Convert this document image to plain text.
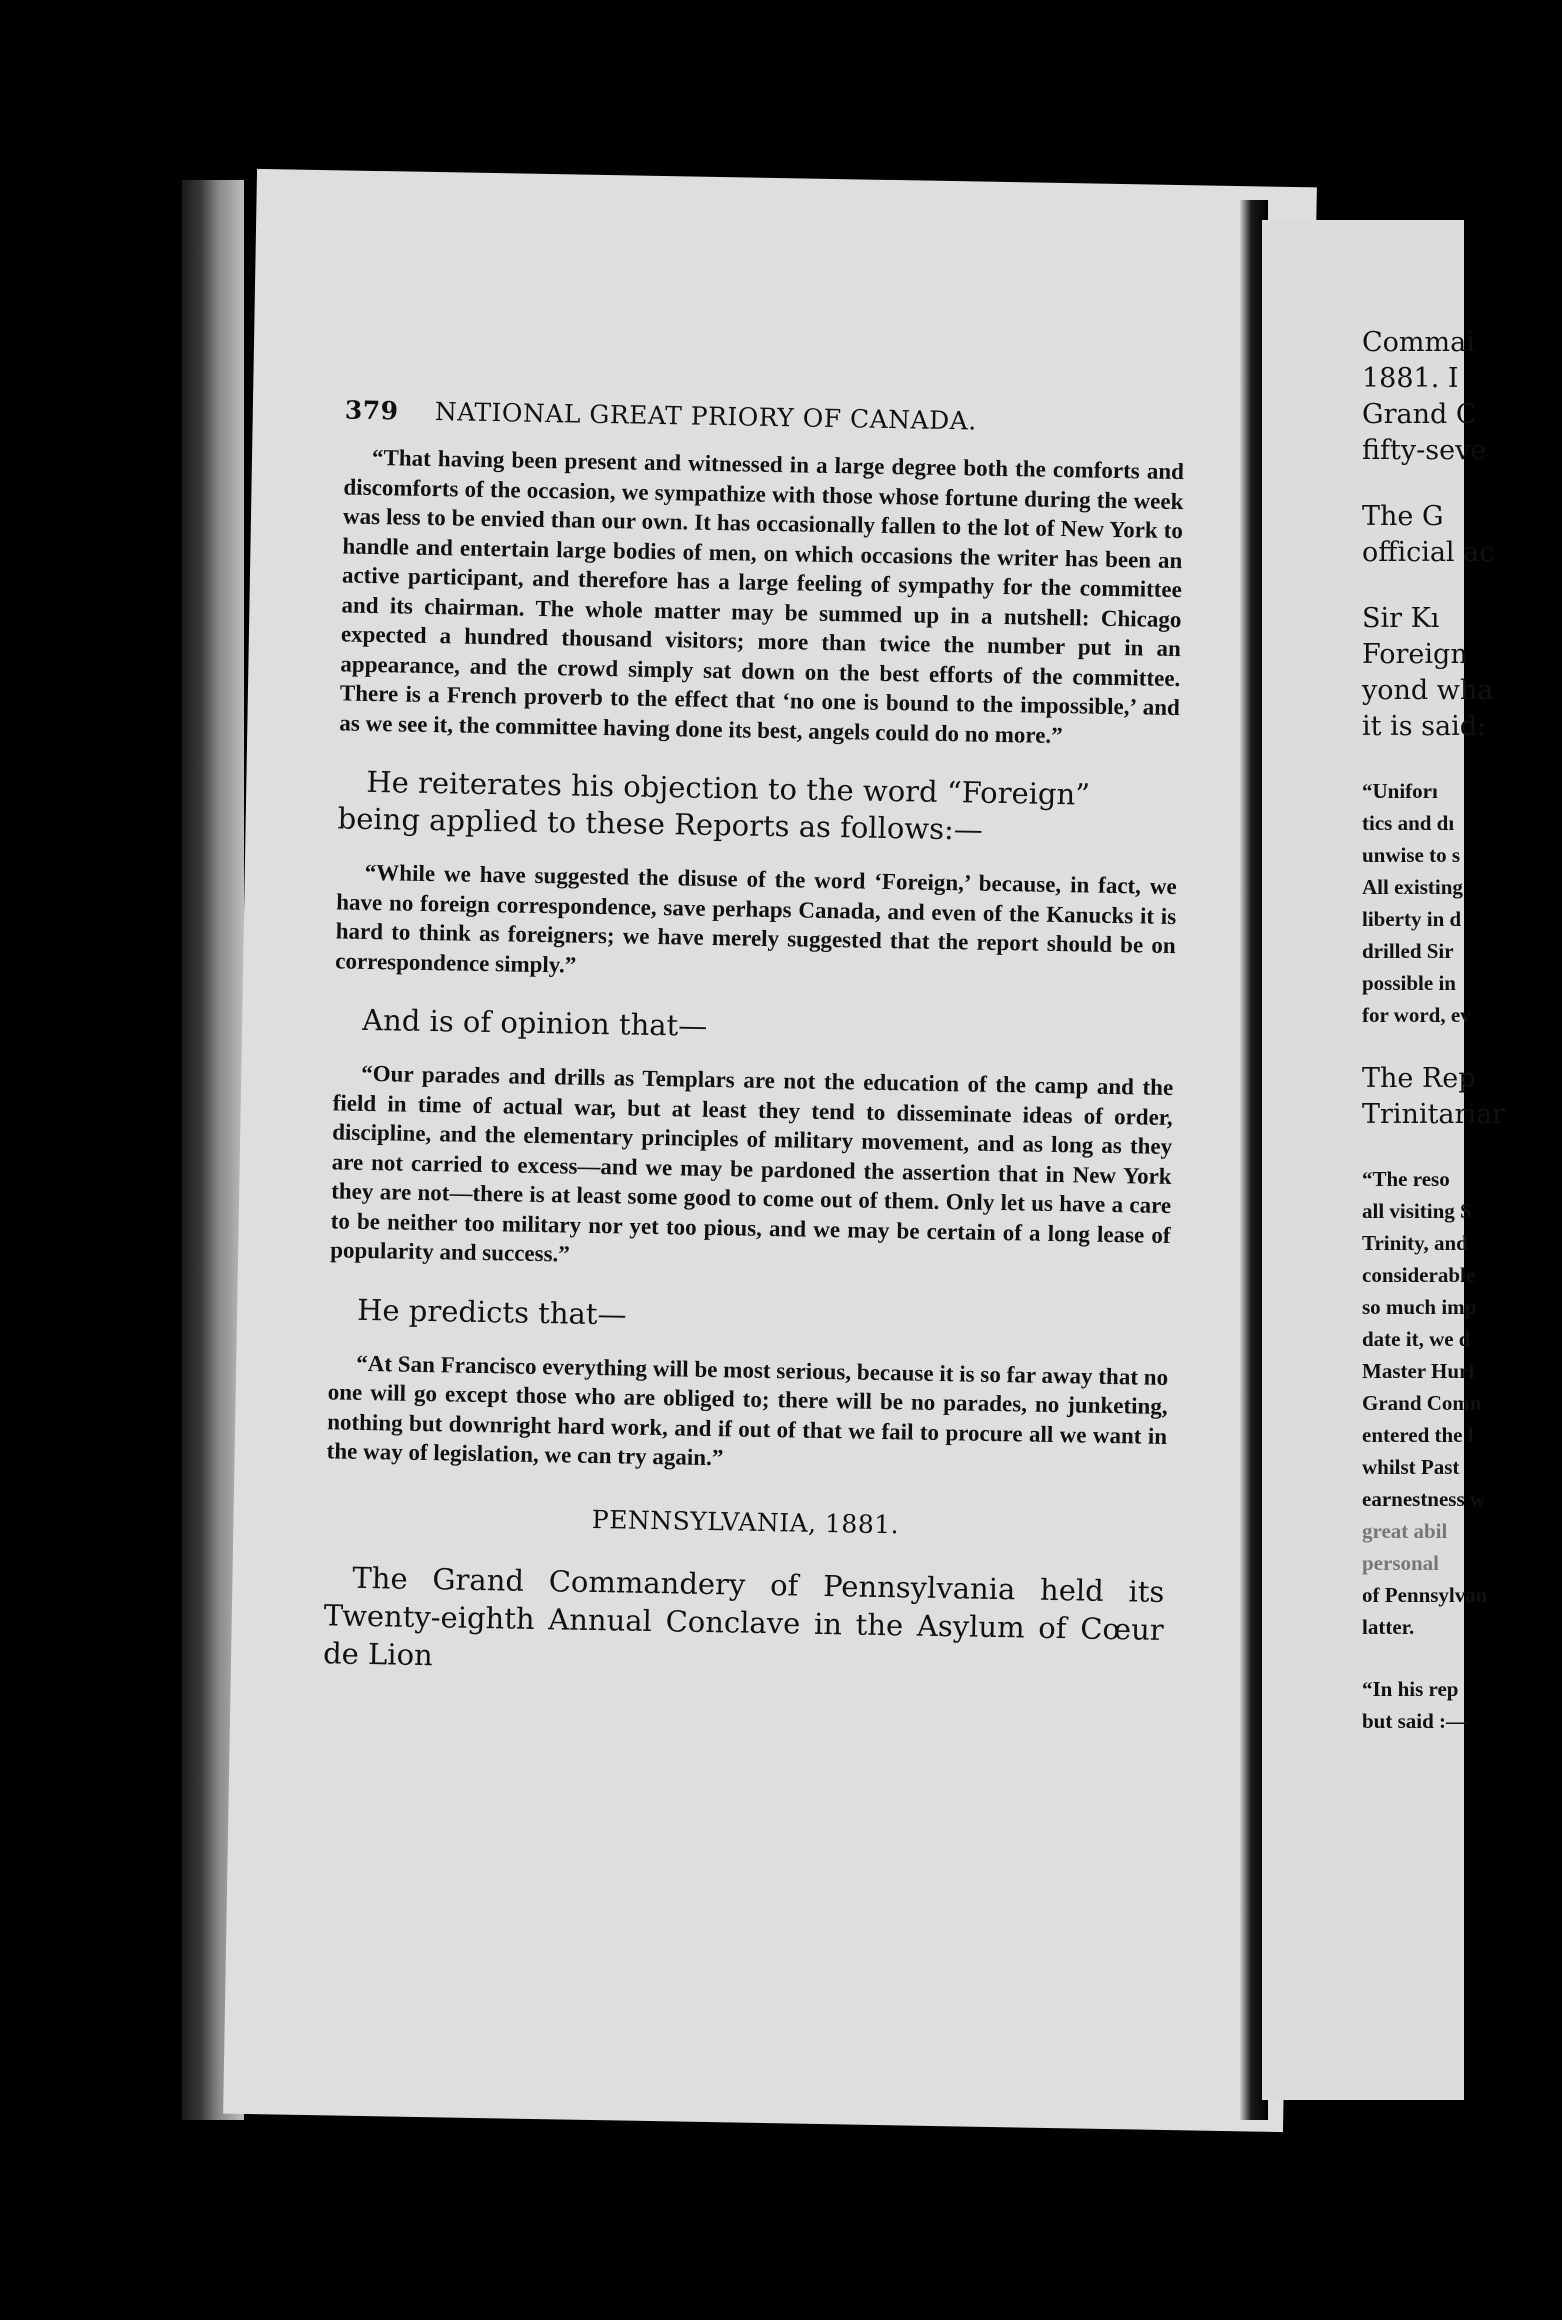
379	NATIONAL GREAT PRIORY OF CANADA.

“That having been present and witnessed in a large degree both the comforts and discomforts of the occasion, we sympathize with those whose fortune during the week was less to be envied than our own. It has occasionally fallen to the lot of New York to handle and entertain large bodies of men, on which occasions the writer has been an active participant, and therefore has a large feeling of sympathy for the committee and its chairman. The whole matter may be summed up in a nutshell: Chicago expected a hundred thousand visitors; more than twice the number put in an appearance, and the crowd simply sat down on the best efforts of the committee. There is a French proverb to the effect that ‘no one is bound to the impossible,’ and as we see it, the committee having done its best, angels could do no more.”

He reiterates his objection to the word “Foreign” being applied to these Reports as follows:—

“While we have suggested the disuse of the word ‘Foreign,’ because, in fact, we have no foreign correspondence, save perhaps Canada, and even of the Kanucks it is hard to think as foreigners; we have merely suggested that the report should be on correspondence simply.”

And is of opinion that—

“Our parades and drills as Templars are not the education of the camp and the field in time of actual war, but at least they tend to disseminate ideas of order, discipline, and the elementary principles of military movement, and as long as they are not carried to excess—and we may be pardoned the assertion that in New York they are not—there is at least some good to come out of them. Only let us have a care to be neither too military nor yet too pious, and we may be certain of a long lease of popularity and success.”

He predicts that—

“At San Francisco everything will be most serious, because it is so far away that no one will go except those who are obliged to; there will be no parades, no junketing, nothing but downright hard work, and if out of that we fail to procure all we want in the way of legislation, we can try again.”

PENNSYLVANIA, 1881.

The Grand Commandery of Pennsylvania held its Twenty-eighth Annual Conclave in the Asylum of Cœur de Lion

Commai

1881. I

Grand C

fifty-seve

The G

official ac

Sir Kı

Foreign

yond wha

it is said:

“Uniforı

tics and dı

unwise to s

All existing

liberty in d

drilled Sir

possible in

for word, ev

The Rep

Trinitariar

“The reso

all visiting S

Trinity, and

considerable

so much imp

date it, we d

Master Hurl

Grand Comn

entered the l

whilst Past

earnestness w

great abil

personal

of Pennsylvan

latter.

“In his rep

but said :—
